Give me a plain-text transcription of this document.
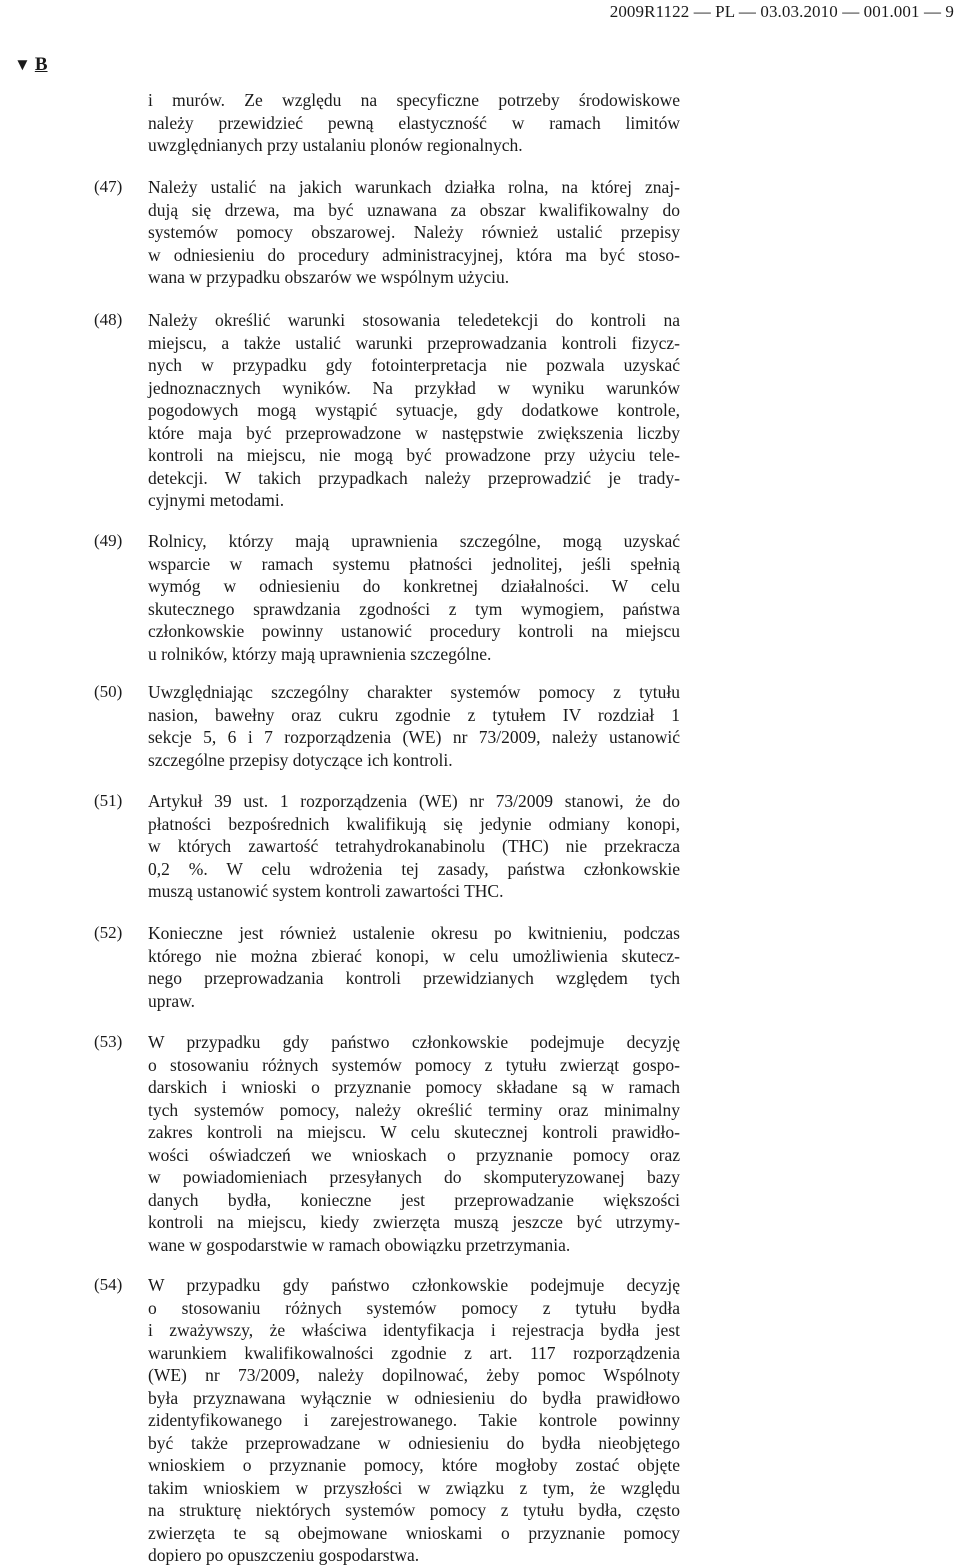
2009R1122 — PL — 03.03.2010 — 001.001 — 9
▼ B
i murów. Ze względu na specyficzne potrzeby środowiskowe
należy przewidzieć pewną elastyczność w ramach limitów
uwzględnianych przy ustalaniu plonów regionalnych.
(47) Należy ustalić na jakich warunkach działka rolna, na której znaj-
dują się drzewa, ma być uznawana za obszar kwalifikowalny do
systemów pomocy obszarowej. Należy również ustalić przepisy
w odniesieniu do procedury administracyjnej, która ma być stoso-
wana w przypadku obszarów we wspólnym użyciu.
(48) Należy określić warunki stosowania teledetekcji do kontroli na
miejscu, a także ustalić warunki przeprowadzania kontroli fizycz-
nych w przypadku gdy fotointerpretacja nie pozwala uzyskać
jednoznacznych wyników. Na przykład w wyniku warunków
pogodowych mogą wystąpić sytuacje, gdy dodatkowe kontrole,
które maja być przeprowadzone w następstwie zwiększenia liczby
kontroli na miejscu, nie mogą być prowadzone przy użyciu tele-
detekcji. W takich przypadkach należy przeprowadzić je trady-
cyjnymi metodami.
(49) Rolnicy, którzy mają uprawnienia szczególne, mogą uzyskać
wsparcie w ramach systemu płatności jednolitej, jeśli spełnią
wymóg w odniesieniu do konkretnej działalności. W celu
skutecznego sprawdzania zgodności z tym wymogiem, państwa
członkowskie powinny ustanowić procedury kontroli na miejscu
u rolników, którzy mają uprawnienia szczególne.
(50) Uwzględniając szczególny charakter systemów pomocy z tytułu
nasion, bawełny oraz cukru zgodnie z tytułem IV rozdział 1
sekcje 5, 6 i 7 rozporządzenia (WE) nr 73/2009, należy ustanowić
szczególne przepisy dotyczące ich kontroli.
(51) Artykuł 39 ust. 1 rozporządzenia (WE) nr 73/2009 stanowi, że do
płatności bezpośrednich kwalifikują się jedynie odmiany konopi,
w których zawartość tetrahydrokanabinolu (THC) nie przekracza
0,2 %. W celu wdrożenia tej zasady, państwa członkowskie
muszą ustanowić system kontroli zawartości THC.
(52) Konieczne jest również ustalenie okresu po kwitnieniu, podczas
którego nie można zbierać konopi, w celu umożliwienia skutecz-
nego przeprowadzania kontroli przewidzianych względem tych
upraw.
(53) W przypadku gdy państwo członkowskie podejmuje decyzję
o stosowaniu różnych systemów pomocy z tytułu zwierząt gospo-
darskich i wnioski o przyznanie pomocy składane są w ramach
tych systemów pomocy, należy określić terminy oraz minimalny
zakres kontroli na miejscu. W celu skutecznej kontroli prawidło-
wości oświadczeń we wnioskach o przyznanie pomocy oraz
w powiadomieniach przesyłanych do skomputeryzowanej bazy
danych bydła, konieczne jest przeprowadzanie większości
kontroli na miejscu, kiedy zwierzęta muszą jeszcze być utrzymy-
wane w gospodarstwie w ramach obowiązku przetrzymania.
(54) W przypadku gdy państwo członkowskie podejmuje decyzję
o stosowaniu różnych systemów pomocy z tytułu bydła
i zważywszy, że właściwa identyfikacja i rejestracja bydła jest
warunkiem kwalifikowalności zgodnie z art. 117 rozporządzenia
(WE) nr 73/2009, należy dopilnować, żeby pomoc Wspólnoty
była przyznawana wyłącznie w odniesieniu do bydła prawidłowo
zidentyfikowanego i zarejestrowanego. Takie kontrole powinny
być także przeprowadzane w odniesieniu do bydła nieobjętego
wnioskiem o przyznanie pomocy, które mogłoby zostać objęte
takim wnioskiem w przyszłości w związku z tym, że względu
na strukturę niektórych systemów pomocy z tytułu bydła, często
zwierzęta te są obejmowane wnioskami o przyznanie pomocy
dopiero po opuszczeniu gospodarstwa.
